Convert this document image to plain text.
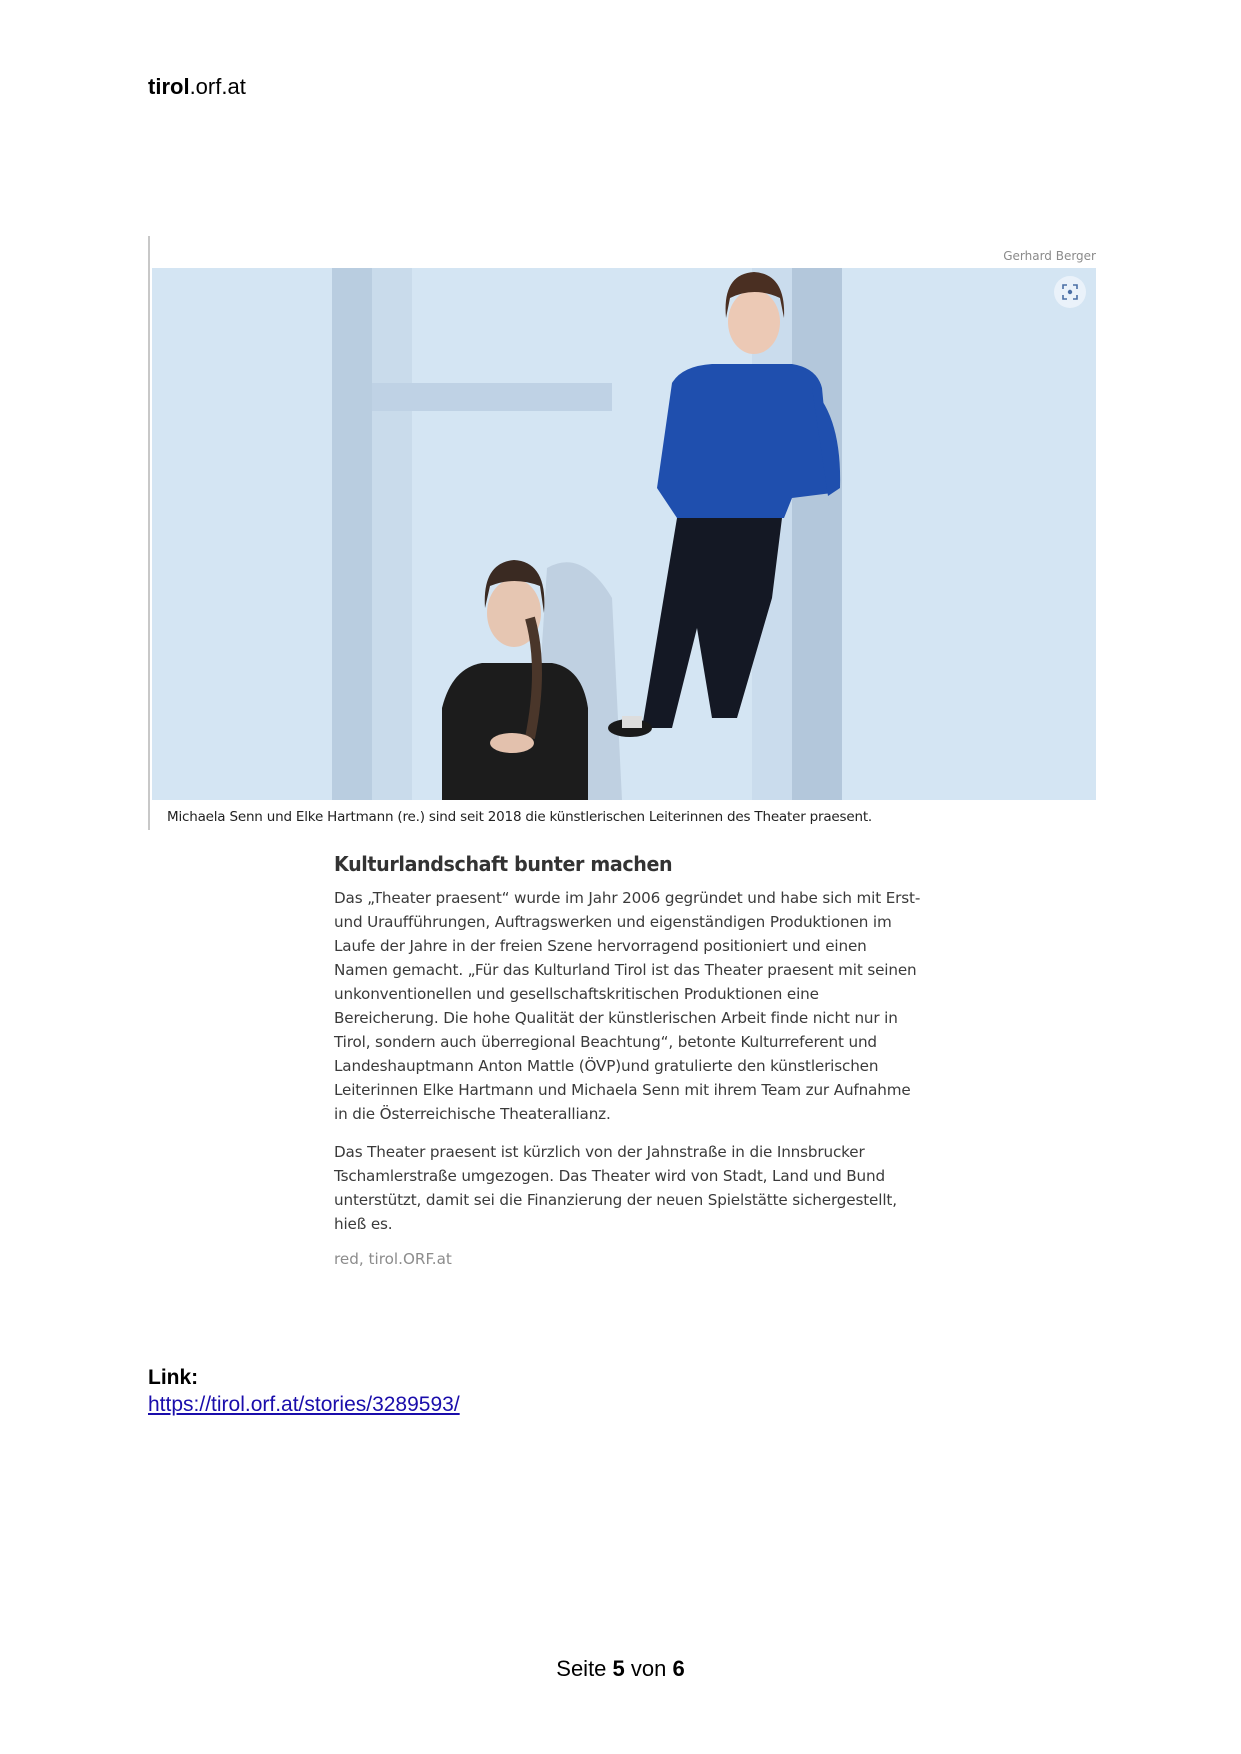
tirol.orf.at
Gerhard Berger
Michaela Senn und Elke Hartmann (re.) sind seit 2018 die künstlerischen Leiterinnen des Theater praesent.
Kulturlandschaft bunter machen

Das „Theater praesent“ wurde im Jahr 2006 gegründet und habe sich mit Erst- und Uraufführungen, Auftragswerken und eigenständigen Produktionen im Laufe der Jahre in der freien Szene hervorragend positioniert und einen Namen gemacht. „Für das Kulturland Tirol ist das Theater praesent mit seinen unkonventionellen und gesellschaftskritischen Produktionen eine Bereicherung. Die hohe Qualität der künstlerischen Arbeit finde nicht nur in Tirol, sondern auch überregional Beachtung“, betonte Kulturreferent und Landeshauptmann Anton Mattle (ÖVP)und gratulierte den künstlerischen Leiterinnen Elke Hartmann und Michaela Senn mit ihrem Team zur Aufnahme in die Österreichische Theaterallianz.

Das Theater praesent ist kürzlich von der Jahnstraße in die Innsbrucker Tschamlerstraße umgezogen. Das Theater wird von Stadt, Land und Bund unterstützt, damit sei die Finanzierung der neuen Spielstätte sichergestellt, hieß es.

red, tirol.ORF.at
Link:
https://tirol.orf.at/stories/3289593/
Seite 5 von 6
